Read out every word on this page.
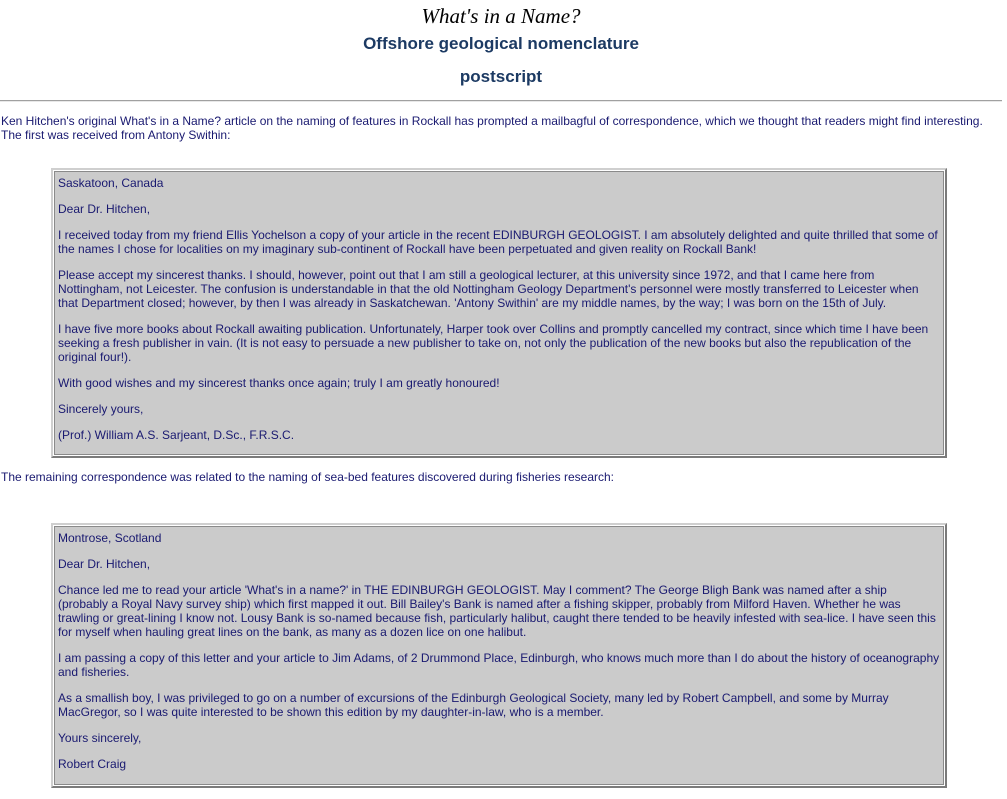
What's in a Name?
Offshore geological nomenclature
postscript
Ken Hitchen's original What's in a Name? article on the naming of features in Rockall has prompted a mailbagful of correspondence, which we thought that readers might find interesting. The first was received from Antony Swithin:

Saskatoon, Canada

Dear Dr. Hitchen,

I received today from my friend Ellis Yochelson a copy of your article in the recent EDINBURGH GEOLOGIST. I am absolutely delighted and quite thrilled that some of the names I chose for localities on my imaginary sub-continent of Rockall have been perpetuated and given reality on Rockall Bank!

Please accept my sincerest thanks. I should, however, point out that I am still a geological lecturer, at this university since 1972, and that I came here from Nottingham, not Leicester. The confusion is understandable in that the old Nottingham Geology Department's personnel were mostly transferred to Leicester when that Department closed; however, by then I was already in Saskatchewan. 'Antony Swithin' are my middle names, by the way; I was born on the 15th of July.

I have five more books about Rockall awaiting publication. Unfortunately, Harper took over Collins and promptly cancelled my contract, since which time I have been seeking a fresh publisher in vain. (It is not easy to persuade a new publisher to take on, not only the publication of the new books but also the republication of the original four!).

With good wishes and my sincerest thanks once again; truly I am greatly honoured!

Sincerely yours,

(Prof.) William A.S. Sarjeant, D.Sc., F.R.S.C.

The remaining correspondence was related to the naming of sea-bed features discovered during fisheries research:

Montrose, Scotland

Dear Dr. Hitchen,

Chance led me to read your article 'What's in a name?' in THE EDINBURGH GEOLOGIST. May I comment? The George Bligh Bank was named after a ship (probably a Royal Navy survey ship) which first mapped it out. Bill Bailey's Bank is named after a fishing skipper, probably from Milford Haven. Whether he was trawling or great-lining I know not. Lousy Bank is so-named because fish, particularly halibut, caught there tended to be heavily infested with sea-lice. I have seen this for myself when hauling great lines on the bank, as many as a dozen lice on one halibut.

I am passing a copy of this letter and your article to Jim Adams, of 2 Drummond Place, Edinburgh, who knows much more than I do about the history of oceanography and fisheries.

As a smallish boy, I was privileged to go on a number of excursions of the Edinburgh Geological Society, many led by Robert Campbell, and some by Murray MacGregor, so I was quite interested to be shown this edition by my daughter-in-law, who is a member.

Yours sincerely,

Robert Craig
